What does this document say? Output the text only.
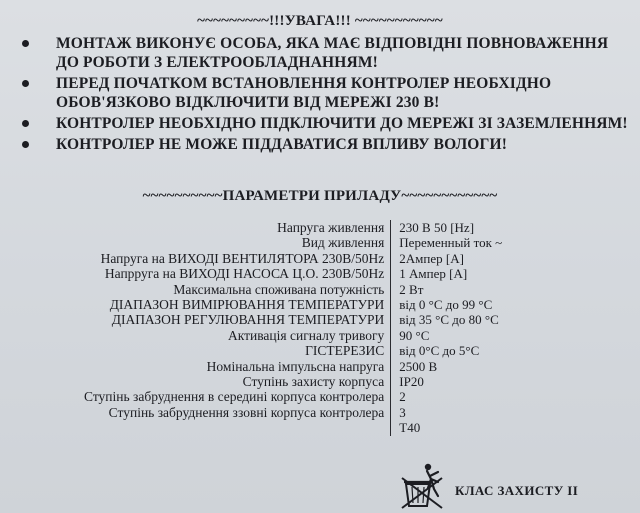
~~~~~~~~~!!!УВАГА!!! ~~~~~~~~~~~
МОНТАЖ ВИКОНУЄ ОСОБА, ЯКА МАЄ ВІДПОВІДНІ ПОВНОВАЖЕННЯ ДО РОБОТИ З ЕЛЕКТРООБЛАДНАННЯМ!
ПЕРЕД ПОЧАТКОМ ВСТАНОВЛЕННЯ КОНТРОЛЕР НЕОБХІДНО ОБОВ'ЯЗКОВО ВІДКЛЮЧИТИ ВІД МЕРЕЖІ 230 В!
КОНТРОЛЕР НЕОБХІДНО ПІДКЛЮЧИТИ ДО МЕРЕЖІ ЗІ ЗАЗЕМЛЕННЯМ!
КОНТРОЛЕР НЕ МОЖЕ ПІДДАВАТИСЯ ВПЛИВУ ВОЛОГИ!
~~~~~~~~~~ПАРАМЕТРИ ПРИЛАДУ~~~~~~~~~~~~
Напруга живлення	230 В 50 [Hz]
Вид живлення	Переменный ток ~
Напруга на ВИХОДІ ВЕНТИЛЯТОРА 230В/50Hz	2Ампер [А]
Напрруга на ВИХОДІ НАСОСА Ц.О. 230В/50Hz	1 Ампер [А]
Максимальна споживана потужність	2 Вт
ДІАПАЗОН ВИМІРЮВАННЯ ТЕМПЕРАТУРИ	від 0 °С до 99 °С
ДІАПАЗОН РЕГУЛЮВАННЯ ТЕМПЕРАТУРИ	від 35 °С до 80 °С
Активація сигналу тривогу	90 °С
ГІСТЕРЕЗИС	від 0°С до 5°С
Номінальна імпульсна напруга	2500 В
Ступінь захисту корпуса	IP20
Ступінь забруднення в середині корпуса контролера	2
Ступінь забруднення ззовні корпуса контролера	3
	Т40
КЛАС ЗАХИСТУ II
